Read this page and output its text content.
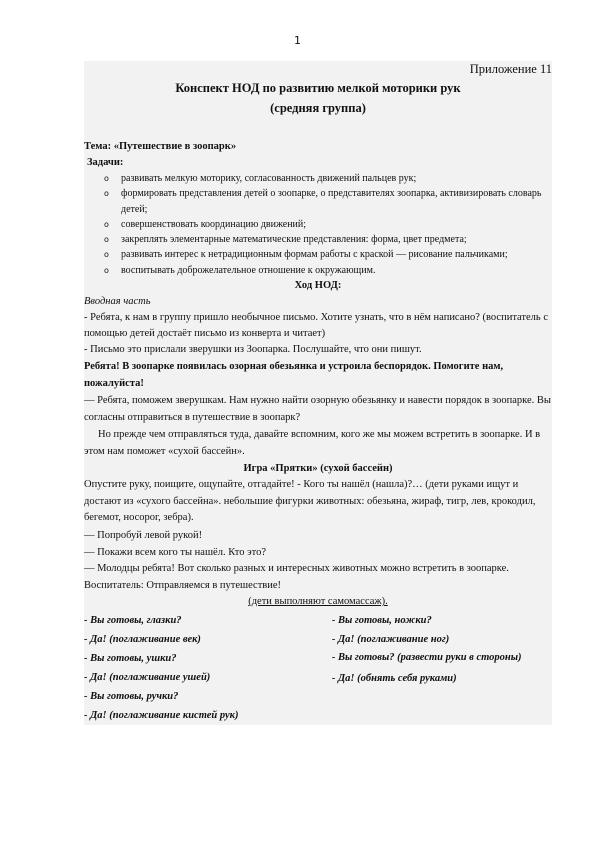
1
Приложение 11
Конспект НОД по развитию мелкой моторики рук
(средняя группа)
Тема: «Путешествие в зоопарк»
Задачи:
o развивать мелкую моторику, согласованность движений пальцев рук;
o формировать представления детей о зоопарке, о представителях зоопарка, активизировать словарь детей;
o совершенствовать координацию движений;
o закреплять элементарные математические представления: форма, цвет предмета;
o развивать интерес к нетрадиционным формам работы с краской — рисование пальчиками;
o воспитывать доброжелательное отношение к окружающим.
Ход НОД:
Вводная часть
- Ребята, к нам в группу пришло необычное письмо. Хотите узнать, что в нём написано? (воспитатель с помощью детей достаёт письмо из конверта и читает)
- Письмо это прислали зверушки из Зоопарка. Послушайте, что они пишут.
Ребята! В зоопарке появилась озорная обезьянка и устроила беспорядок. Помогите нам, пожалуйста!
— Ребята, поможем зверушкам. Нам нужно найти озорную обезьянку и навести порядок в зоопарке. Вы согласны отправиться в путешествие в зоопарк?
Но прежде чем отправляться туда, давайте вспомним, кого же мы можем встретить в зоопарке. И в этом нам поможет «сухой бассейн».
Игра «Прятки» (сухой бассейн)
Опустите руку, поищите, ощупайте, отгадайте! - Кого ты нашёл (нашла)?… (дети руками ищут и достают из «сухого бассейна». небольшие фигурки животных: обезьяна, жираф, тигр, лев, крокодил, бегемот, носорог, зебра).
— Попробуй левой рукой!
— Покажи всем кого ты нашёл. Кто это?
— Молодцы ребята! Вот сколько разных и интересных животных можно встретить в зоопарке.
Воспитатель: Отправляемся в путешествие!
(дети выполняют самомассаж).
- Вы готовы, глазки?
- Да! (поглаживание век)
- Вы готовы, ушки?
- Да! (поглаживание ушей)
- Вы готовы, ручки?
- Да! (поглаживание кистей рук)
- Вы готовы, ножки?
- Да! (поглаживание ног)
- Вы готовы? (развести руки в стороны)
- Да! (обнять себя руками)
